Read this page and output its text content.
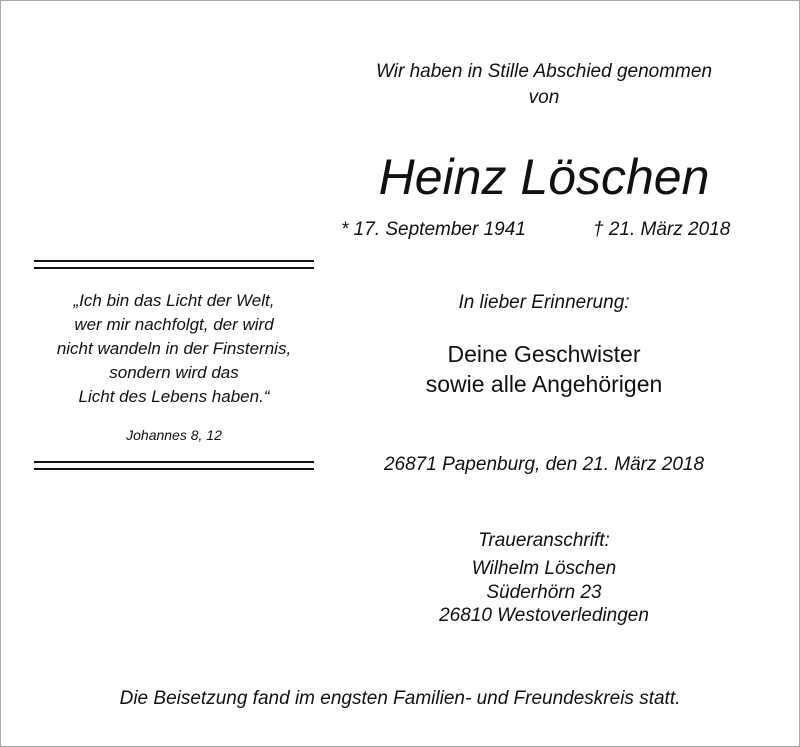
Wir haben in Stille Abschied genommen
von
Heinz Löschen
* 17. September 1941	† 21. März 2018
„Ich bin das Licht der Welt,
wer mir nachfolgt, der wird
nicht wandeln in der Finsternis,
sondern wird das
Licht des Lebens haben.“
Johannes 8, 12
In lieber Erinnerung:
Deine Geschwister
sowie alle Angehörigen
26871 Papenburg, den 21. März 2018
Traueranschrift:
Wilhelm Löschen
Süderhörn 23
26810 Westoverledingen
Die Beisetzung fand im engsten Familien- und Freundeskreis statt.
